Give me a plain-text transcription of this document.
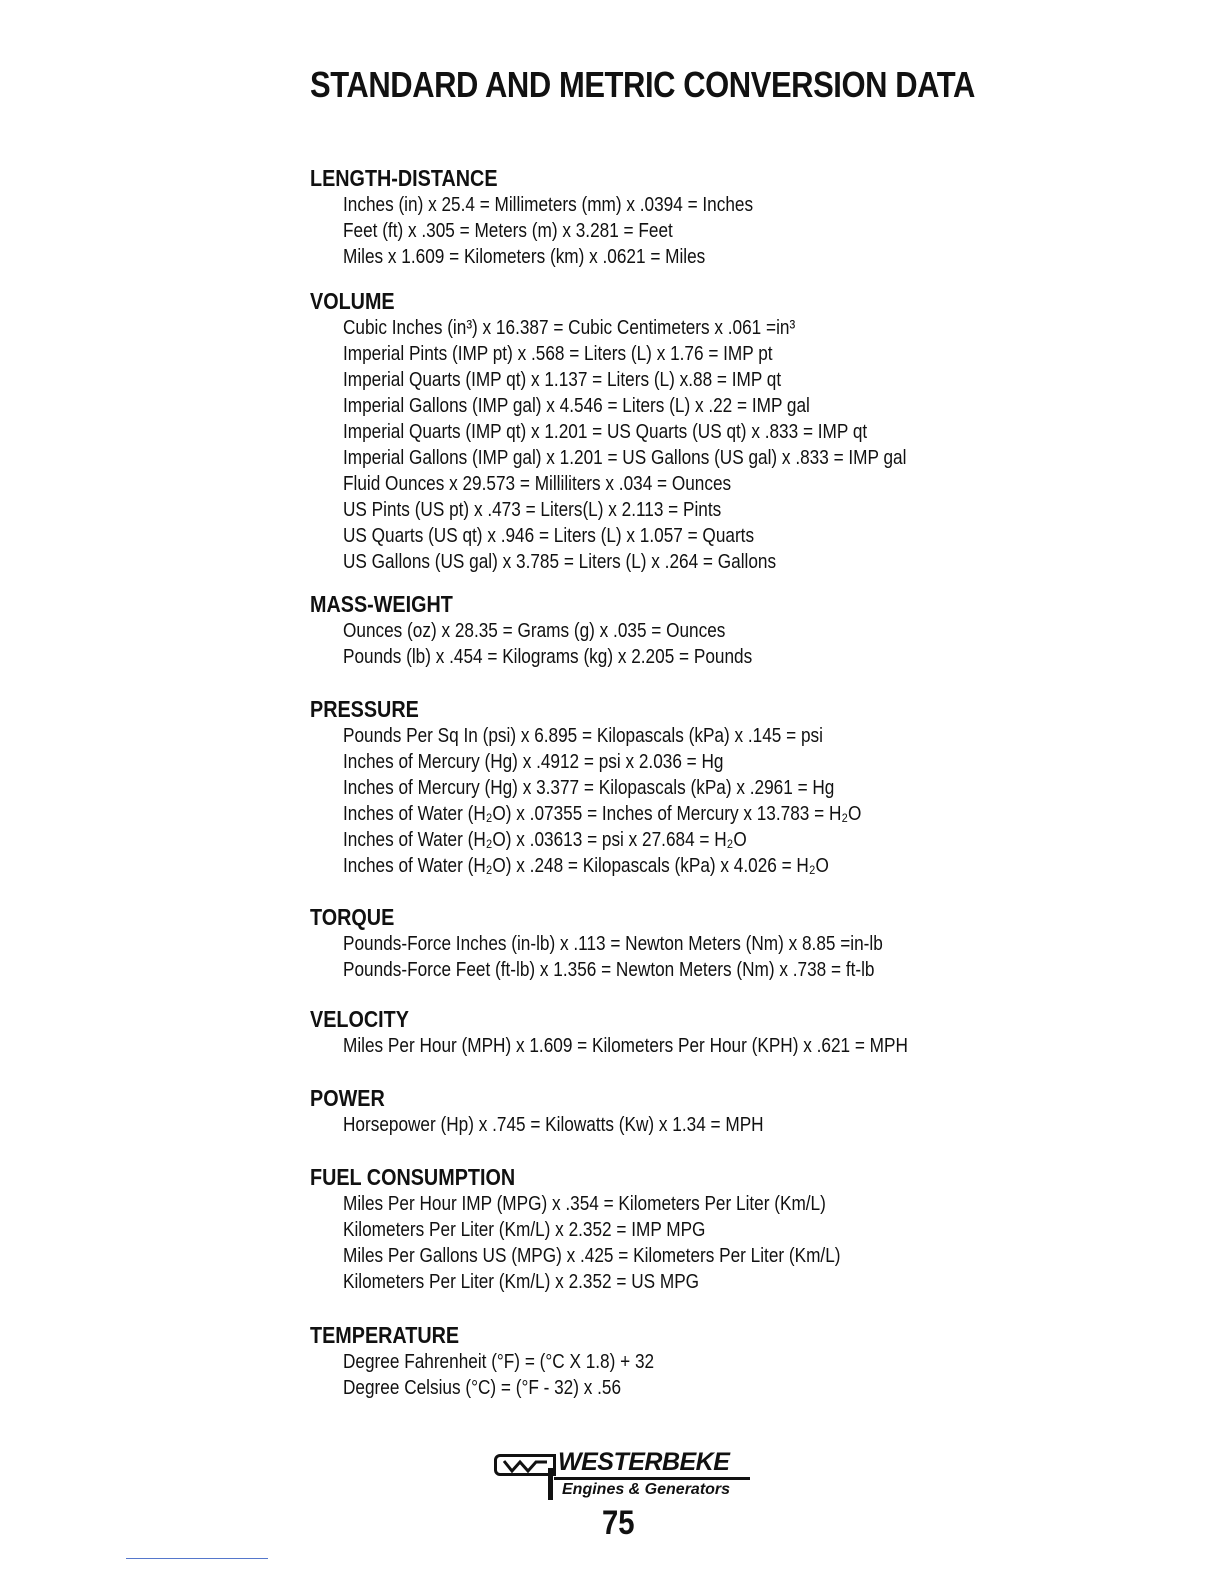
STANDARD AND METRIC CONVERSION DATA
LENGTH-DISTANCE
Inches (in) x 25.4 = Millimeters (mm) x .0394 = Inches
Feet (ft) x .305 = Meters (m) x 3.281 = Feet
Miles x 1.609 = Kilometers (km) x .0621 = Miles
VOLUME
Cubic Inches (in³) x 16.387 = Cubic Centimeters x .061 =in³
Imperial Pints (IMP pt) x .568 = Liters (L) x 1.76 = IMP pt
Imperial Quarts (IMP qt) x 1.137 = Liters (L) x.88 = IMP qt
Imperial Gallons (IMP gal) x 4.546 = Liters (L) x .22 = IMP gal
Imperial Quarts (IMP qt) x 1.201 = US Quarts (US qt) x .833 = IMP qt
Imperial Gallons (IMP gal) x 1.201 = US Gallons (US gal) x .833 = IMP gal
Fluid Ounces x 29.573 = Milliliters x .034 = Ounces
US Pints (US pt) x .473 = Liters(L) x 2.113 = Pints
US Quarts (US qt) x .946 = Liters (L) x 1.057 = Quarts
US Gallons (US gal) x 3.785 = Liters (L) x .264 = Gallons
MASS-WEIGHT
Ounces (oz) x 28.35 = Grams (g) x .035 = Ounces
Pounds (lb) x .454 = Kilograms (kg) x 2.205 = Pounds
PRESSURE
Pounds Per Sq In (psi) x 6.895 = Kilopascals (kPa) x .145 = psi
Inches of Mercury (Hg) x .4912 = psi x 2.036 = Hg
Inches of Mercury (Hg) x 3.377 = Kilopascals (kPa) x .2961 = Hg
Inches of Water (H₂O) x .07355 = Inches of Mercury x 13.783 = H₂O
Inches of Water (H₂O) x .03613 = psi x 27.684 = H₂O
Inches of Water (H₂O) x .248 = Kilopascals (kPa) x 4.026 = H₂O
TORQUE
Pounds-Force Inches (in-lb) x .113 = Newton Meters (Nm) x 8.85 =in-lb
Pounds-Force Feet (ft-lb) x 1.356 = Newton Meters (Nm) x .738 = ft-lb
VELOCITY
Miles Per Hour (MPH) x 1.609 = Kilometers Per Hour (KPH) x .621 = MPH
POWER
Horsepower (Hp) x .745 = Kilowatts (Kw) x 1.34 = MPH
FUEL CONSUMPTION
Miles Per Hour IMP (MPG) x .354 = Kilometers Per Liter (Km/L)
Kilometers Per Liter (Km/L) x 2.352 = IMP MPG
Miles Per Gallons US (MPG) x .425 = Kilometers Per Liter (Km/L)
Kilometers Per Liter (Km/L) x 2.352 = US MPG
TEMPERATURE
Degree Fahrenheit (°F) = (°C X 1.8) + 32
Degree Celsius (°C) = (°F - 32) x .56
WESTERBEKE
Engines & Generators

75
